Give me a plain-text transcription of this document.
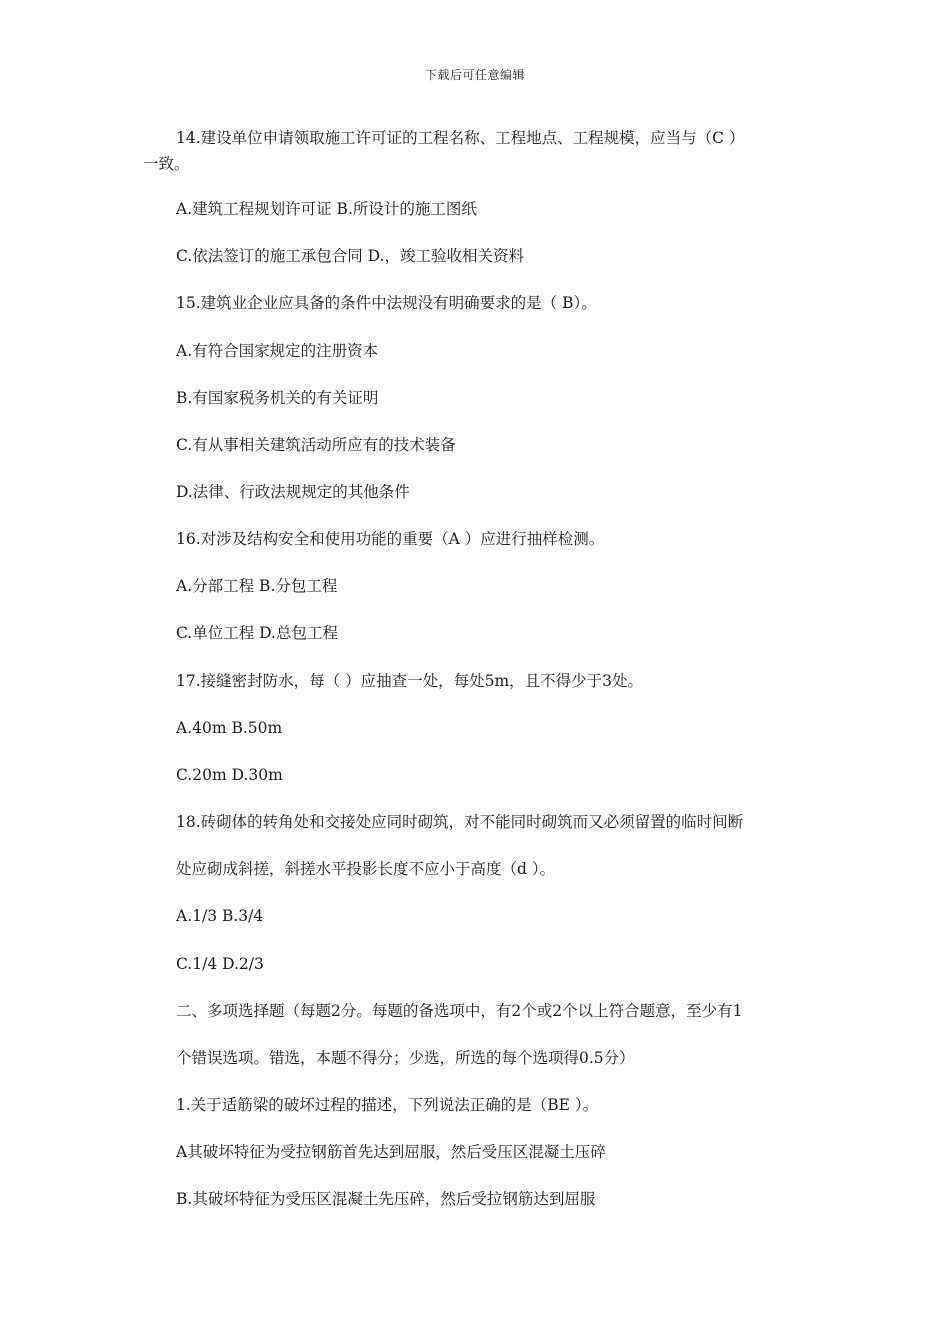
下载后可任意编辑
14.建设单位申请领取施工许可证的工程名称、工程地点、工程规模，应当与（C ）
一致。
A.建筑工程规划许可证 B.所设计的施工图纸
C.依法签订的施工承包合同 D.，竣工验收相关资料
15.建筑业企业应具备的条件中法规没有明确要求的是（ B）。
A.有符合国家规定的注册资本
B.有国家税务机关的有关证明
C.有从事相关建筑活动所应有的技术装备
D.法律、行政法规规定的其他条件
16.对涉及结构安全和使用功能的重要（A ）应进行抽样检测。
A.分部工程 B.分包工程
C.单位工程 D.总包工程
17.接缝密封防水，每（ ）应抽查一处，每处5m，且不得少于3处。
A.40m B.50m
C.20m D.30m
18.砖砌体的转角处和交接处应同时砌筑，对不能同时砌筑而又必须留置的临时间断
处应砌成斜搓，斜搓水平投影长度不应小于高度（d ）。
A.1/3 B.3/4
C.1/4 D.2/3
二、多项选择题（每题2分。每题的备选项中，有2个或2个以上符合题意，至少有1
个错误选项。错选，本题不得分；少选，所选的每个选项得0.5分）
1.关于适筋梁的破坏过程的描述，下列说法正确的是（BE ）。
A其破坏特征为受拉钢筋首先达到屈服，然后受压区混凝土压碎
B.其破坏特征为受压区混凝土先压碎，然后受拉钢筋达到屈服
